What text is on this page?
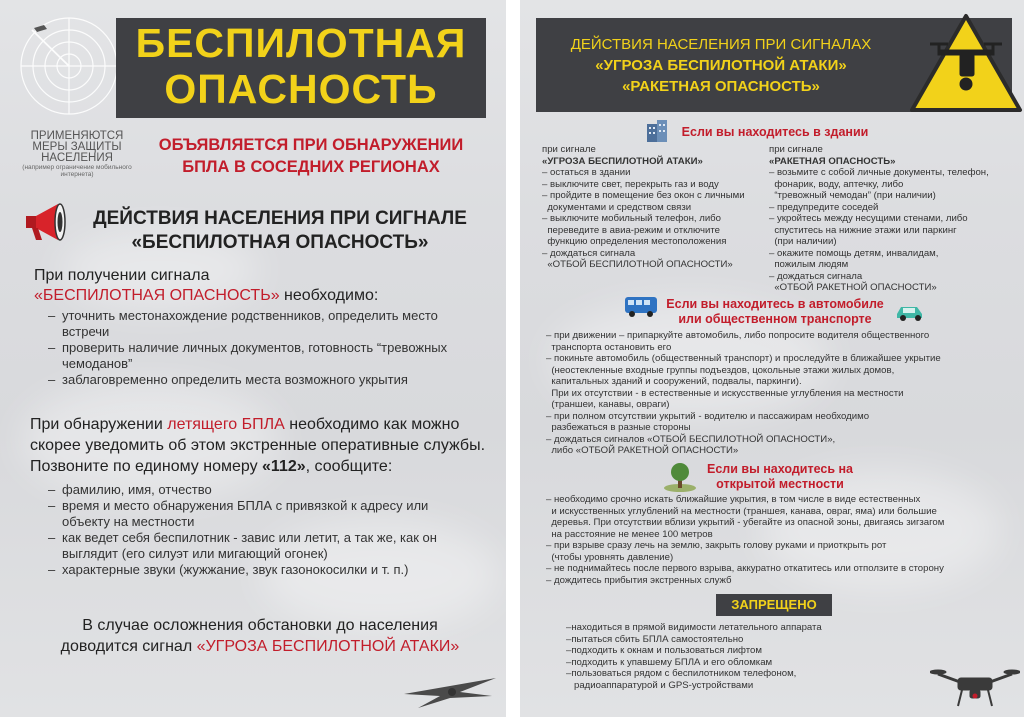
БЕСПИЛОТНАЯ
ОПАСНОСТЬ
ПРИМЕНЯЮТСЯ МЕРЫ ЗАЩИТЫ НАСЕЛЕНИЯ
(например ограничение мобильного интернета)
ОБЪЯВЛЯЕТСЯ ПРИ ОБНАРУЖЕНИИ
БПЛА В СОСЕДНИХ РЕГИОНАХ
ДЕЙСТВИЯ НАСЕЛЕНИЯ ПРИ СИГНАЛЕ
«БЕСПИЛОТНАЯ ОПАСНОСТЬ»
При получении сигнала
«БЕСПИЛОТНАЯ ОПАСНОСТЬ» необходимо:
– уточнить местонахождение родственников, определить место встречи
– проверить наличие личных документов, готовность “тревожных чемоданов”
– заблаговременно определить места возможного укрытия
При обнаружении летящего БПЛА необходимо как можно скорее уведомить об этом экстренные оперативные службы. Позвоните по единому номеру «112», сообщите:
– фамилию, имя, отчество
– время и место обнаружения БПЛА с привязкой к адресу или объекту на местности
– как ведет себя беспилотник - завис или летит, а так же, как он выглядит (его силуэт или мигающий огонек)
– характерные звуки (жужжание, звук газонокосилки и т. п.)
В случае осложнения обстановки до населения
доводится сигнал «УГРОЗА БЕСПИЛОТНОЙ АТАКИ»
ДЕЙСТВИЯ НАСЕЛЕНИЯ ПРИ СИГНАЛАХ
«УГРОЗА БЕСПИЛОТНОЙ АТАКИ»
«РАКЕТНАЯ ОПАСНОСТЬ»
Если вы находитесь в здании
при сигнале
«УГРОЗА БЕСПИЛОТНОЙ АТАКИ»
– остаться в здании
– выключите свет, перекрыть газ и воду
– пройдите в помещение без окон с личными
документами и средством связи
– выключите мобильный телефон, либо
переведите в авиа-режим и отключите
функцию определения местоположения
– дождаться сигнала
«ОТБОЙ БЕСПИЛОТНОЙ ОПАСНОСТИ»
при сигнале
«РАКЕТНАЯ ОПАСНОСТЬ»
– возьмите с собой личные документы, телефон,
фонарик, воду, аптечку, либо
“тревожный чемодан” (при наличии)
– предупредите соседей
– укройтесь между несущими стенами, либо
спуститесь на нижние этажи или паркинг
(при наличии)
– окажите помощь детям, инвалидам,
пожилым людям
– дождаться сигнала
«ОТБОЙ РАКЕТНОЙ ОПАСНОСТИ»
Если вы находитесь в автомобиле
или общественном транспорте
– при движении – припаркуйте автомобиль, либо попросите водителя общественного
транспорта остановить его
– покиньте автомобиль (общественный транспорт) и проследуйте в ближайшее укрытие
(неостекленные входные группы подъездов, цокольные этажи жилых домов,
капитальных зданий и сооружений, подвалы, паркинги).
При их отсутствии - в естественные и искусственные углубления на местности
(траншеи, канавы, овраги)
– при полном отсутствии укрытий - водителю и пассажирам необходимо
разбежаться в разные стороны
– дождаться сигналов «ОТБОЙ БЕСПИЛОТНОЙ ОПАСНОСТИ»,
либо «ОТБОЙ РАКЕТНОЙ ОПАСНОСТИ»
Если вы находитесь на
открытой местности
– необходимо срочно искать ближайшие укрытия, в том числе в виде естественных
и искусственных углублений на местности (траншея, канава, овраг, яма) или большие
деревья. При отсутствии вблизи укрытий - убегайте из опасной зоны, двигаясь зигзагом
на расстояние не менее 100 метров
– при взрыве сразу лечь на землю, закрыть голову руками и приоткрыть рот
(чтобы уровнять давление)
– не поднимайтесь после первого взрыва, аккуратно откатитесь или отползите в сторону
– дождитесь прибытия экстренных служб
ЗАПРЕЩЕНО
–находиться в прямой видимости летательного аппарата
–пытаться сбить БПЛА самостоятельно
–подходить к окнам и пользоваться лифтом
–подходить к упавшему БПЛА и его обломкам
–пользоваться рядом с беспилотником телефоном,
радиоаппаратурой и GPS-устройствами
